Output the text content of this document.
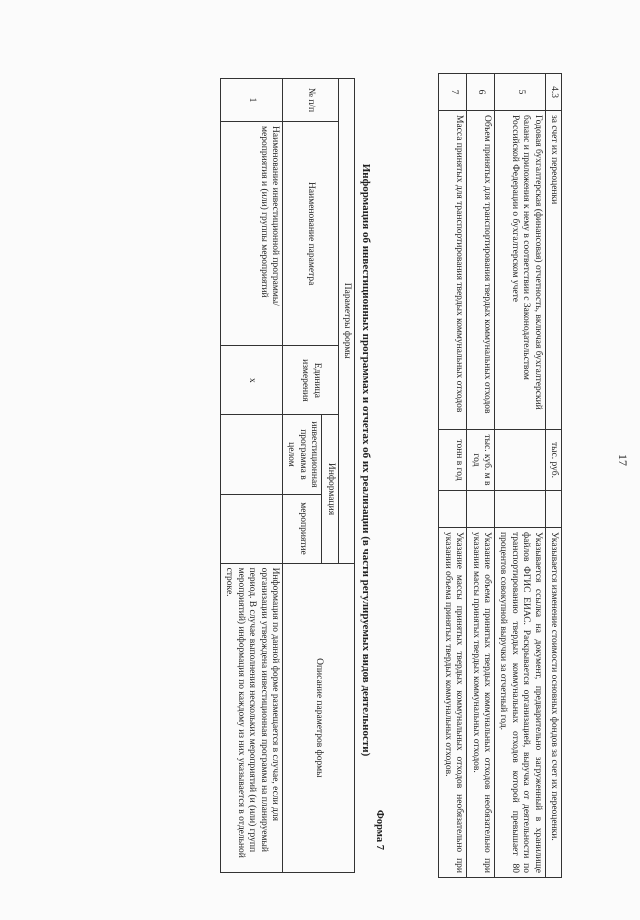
17
4.3	за счет их переоценки	тыс. руб.		Указывается изменение стоимости основных фондов за счет их переоценки.
5	Годовая бухгалтерская (финансовая) отчетность, включая бухгалтерский баланс и приложения к нему в соответствии с Законодательством Российской Федерации о бухгалтерском учете			Указывается ссылка на документ, предварительно загруженный в хранилище файлов ФГИС ЕИАС. Раскрывается организацией, выручка от деятельности по транспортированию твердых коммунальных отходов которой превышает 80 процентов совокупной выручки за отчетный год.
6	Объем принятых для транспортирования твердых коммунальных отходов	тыс. куб. м в год		Указание объема принятых твердых коммунальных отходов необязательно при указании массы принятых твердых коммунальных отходов.
7	Масса принятых для транспортирования твердых коммунальных отходов	тонн в год		Указание массы принятых твердых коммунальных отходов необязательно при указании объема принятых твердых коммунальных отходов.
Форма 7
Информация об инвестиционных программах и отчетах об их реализации (в части регулируемых видов деятельности)
Параметры формы					Описание параметров формы
№ п/п	Наименование параметра	Единица измерения	Информация		
			инвестиционная программа в целом	мероприятие	
1	Наименование инвестиционной программы/мероприятия и (или) группы мероприятий	x			Информация по данной форме размещается в случае, если для организации утверждена инвестиционная программа на планируемый период. В случае выполнения нескольких мероприятий (и (или) групп мероприятий) информация по каждому из них указывается в отдельной строке.
